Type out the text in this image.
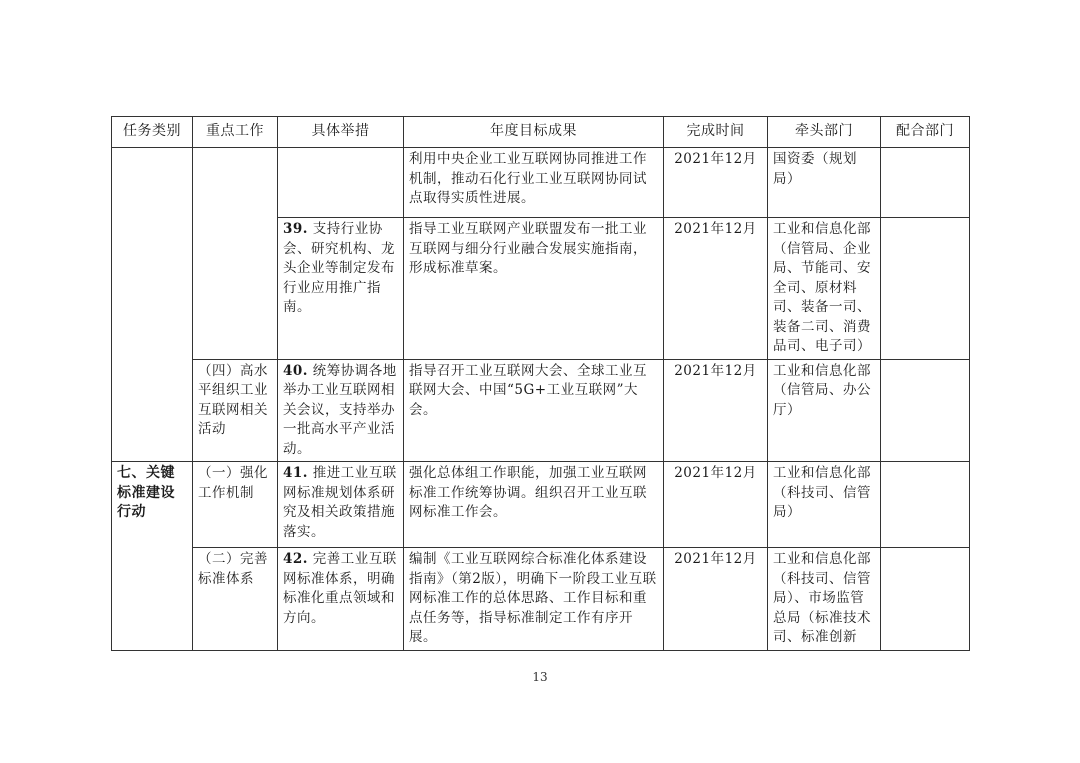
任务类别	重点工作	具体举措	年度目标成果	完成时间	牵头部门	配合部门
			利用中央企业工业互联网协同推进工作机制，推动石化行业工业互联网协同试点取得实质性进展。	2021年12月	国资委（规划局）	
		39. 支持行业协会、研究机构、龙头企业等制定发布行业应用推广指南。	指导工业互联网产业联盟发布一批工业互联网与细分行业融合发展实施指南，形成标准草案。	2021年12月	工业和信息化部（信管局、企业局、节能司、安全司、原材料司、装备一司、装备二司、消费品司、电子司）	
	（四）高水平组织工业互联网相关活动	40. 统筹协调各地举办工业互联网相关会议，支持举办一批高水平产业活动。	指导召开工业互联网大会、全球工业互联网大会、中国“5G+工业互联网”大会。	2021年12月	工业和信息化部（信管局、办公厅）	
七、关键标准建设行动	（一）强化工作机制	41. 推进工业互联网标准规划体系研究及相关政策措施落实。	强化总体组工作职能，加强工业互联网标准工作统筹协调。组织召开工业互联网标准工作会。	2021年12月	工业和信息化部（科技司、信管局）	
	（二）完善标准体系	42. 完善工业互联网标准体系，明确标准化重点领域和方向。	编制《工业互联网综合标准化体系建设指南》（第2版），明确下一阶段工业互联网标准工作的总体思路、工作目标和重点任务等，指导标准制定工作有序开展。	2021年12月	工业和信息化部（科技司、信管局）、市场监管总局（标准技术司、标准创新	
13
